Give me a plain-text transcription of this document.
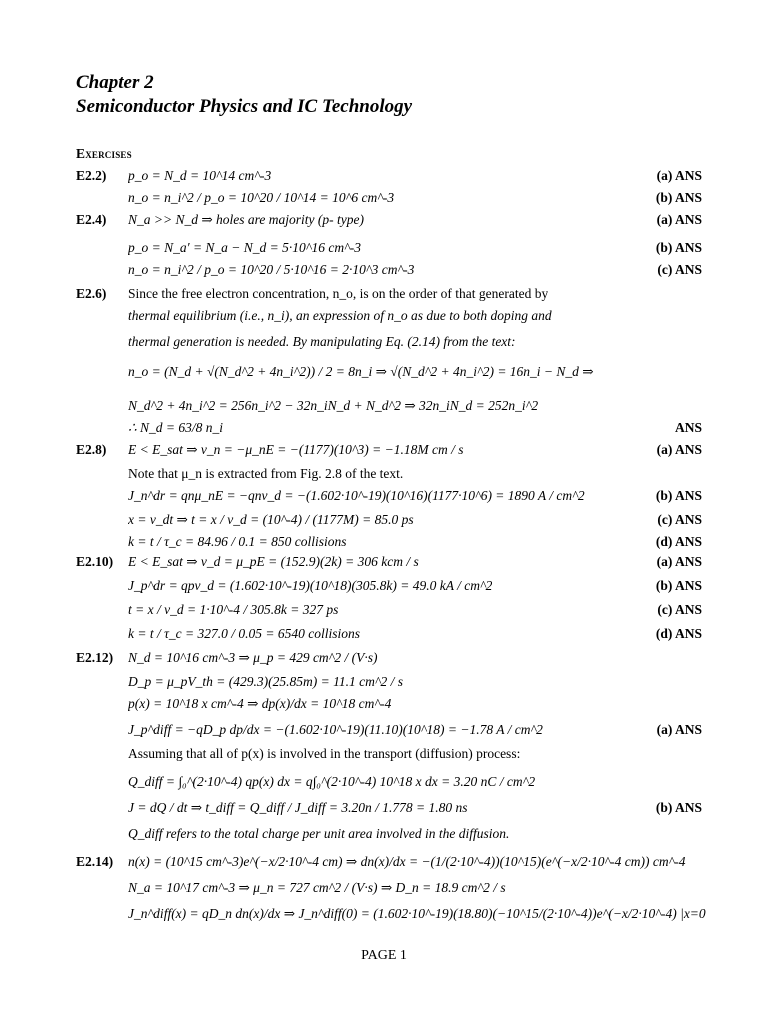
Chapter 2
Semiconductor Physics and IC Technology
Exercises
E2.2) p_o = N_d = 10^14 cm^-3	(a) ANS
n_o = n_i^2 / p_o = 10^20 / 10^14 = 10^6 cm^-3	(b) ANS
E2.4) N_a >> N_d ⇒ holes are majority (p- type)	(a) ANS
p_o = N_a′ = N_a − N_d = 5·10^16 cm^-3	(b) ANS
n_o = n_i^2 / p_o = 10^20 / 5·10^16 = 2·10^3 cm^-3	(c) ANS
E2.6) Since the free electron concentration, n_o, is on the order of that generated by
thermal equilibrium (i.e., n_i), an expression of n_o as due to both doping and
thermal generation is needed. By manipulating Eq. (2.14) from the text:
n_o = (N_d + √(N_d^2 + 4n_i^2)) / 2 = 8n_i ⇒ √(N_d^2 + 4n_i^2) = 16n_i − N_d ⇒
N_d^2 + 4n_i^2 = 256n_i^2 − 32n_iN_d + N_d^2 ⇒ 32n_iN_d = 252n_i^2
∴ N_d = 63/8 n_i	ANS
E2.8) E < E_sat ⇒ v_n = −μ_nE = −(1177)(10^3) = −1.18M cm / s	(a) ANS
Note that μ_n is extracted from Fig. 2.8 of the text.
J_n^dr = qnμ_nE = −qnv_d = −(1.602·10^-19)(10^16)(1177·10^6) = 1890 A / cm^2	(b) ANS
x = v_dt ⇒ t = x / v_d = (10^-4) / (1177M) = 85.0 ps	(c) ANS
k = t / τ_c = 84.96 / 0.1 = 850 collisions	(d) ANS
E2.10) E < E_sat ⇒ v_d = μ_pE = (152.9)(2k) = 306 kcm / s	(a) ANS
J_p^dr = qpv_d = (1.602·10^-19)(10^18)(305.8k) = 49.0 kA / cm^2	(b) ANS
t = x / v_d = 1·10^-4 / 305.8k = 327 ps	(c) ANS
k = t / τ_c = 327.0 / 0.05 = 6540 collisions	(d) ANS
E2.12) N_d = 10^16 cm^-3 ⇒ μ_p = 429 cm^2 / (V·s)
D_p = μ_pV_th = (429.3)(25.85m) = 11.1 cm^2 / s
p(x) = 10^18 x cm^-4 ⇒ dp(x)/dx = 10^18 cm^-4
J_p^diff = −qD_p dp/dx = −(1.602·10^-19)(11.10)(10^18) = −1.78 A / cm^2	(a) ANS
Assuming that all of p(x) is involved in the transport (diffusion) process:
Q_diff = ∫₀^(2·10^-4) qp(x) dx = q∫₀^(2·10^-4) 10^18 x dx = 3.20 nC / cm^2
J = dQ / dt ⇒ t_diff = Q_diff / J_diff = 3.20n / 1.778 = 1.80 ns	(b) ANS
Q_diff refers to the total charge per unit area involved in the diffusion.
E2.14) n(x) = (10^15 cm^-3)e^(−x/2·10^-4 cm) ⇒ dn(x)/dx = −(1/(2·10^-4))(10^15)(e^(−x/2·10^-4 cm)) cm^-4
N_a = 10^17 cm^-3 ⇒ μ_n = 727 cm^2 / (V·s) ⇒ D_n = 18.9 cm^2 / s
J_n^diff(x) = qD_n dn(x)/dx ⇒ J_n^diff(0) = (1.602·10^-19)(18.80)(−10^15/(2·10^-4))e^(−x/2·10^-4) |x=0
PAGE 1
